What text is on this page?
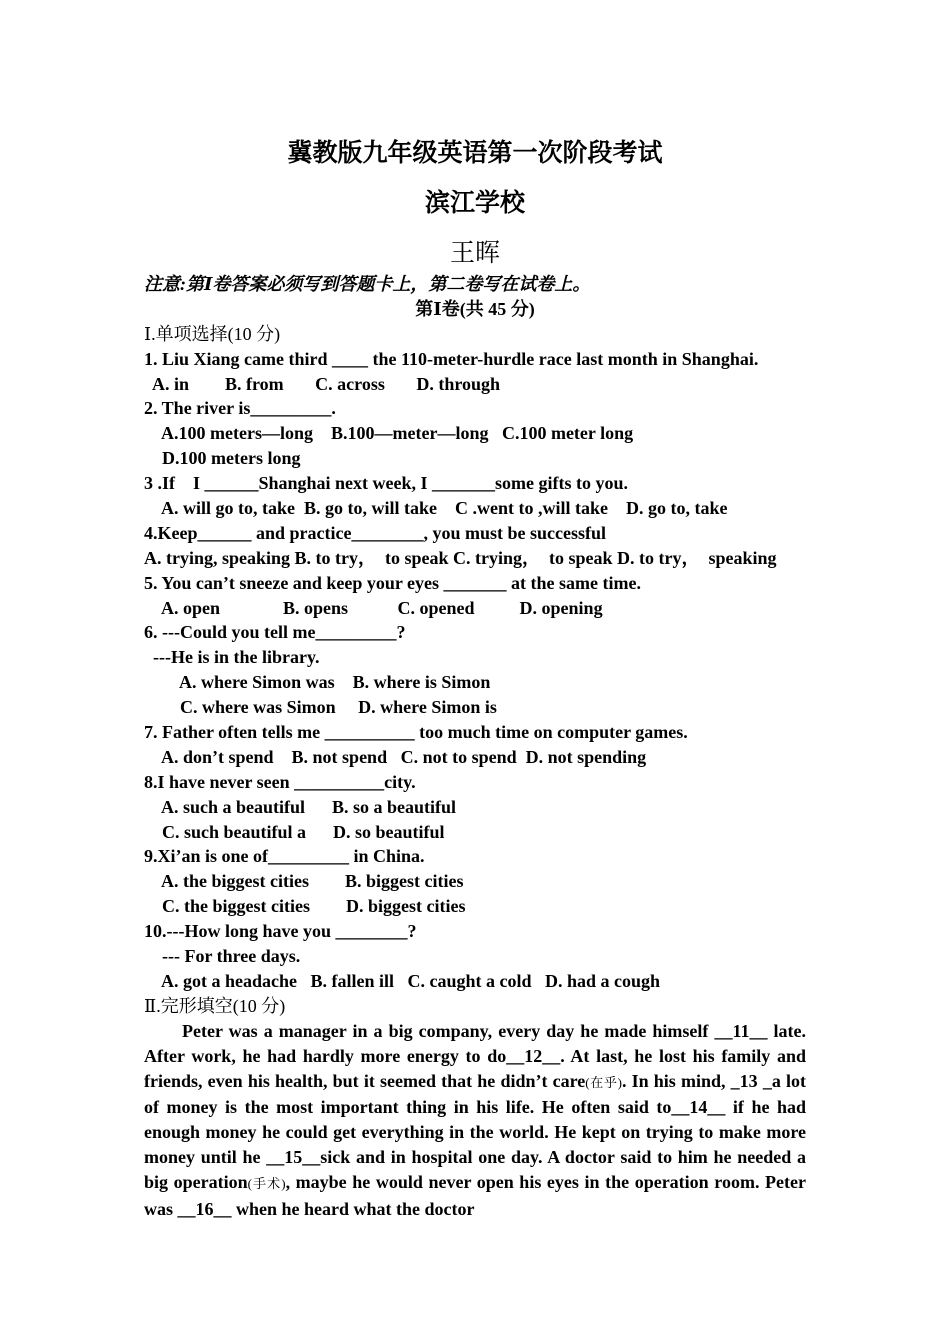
冀教版九年级英语第一次阶段考试
滨江学校
王晖
注意:第Ⅰ卷答案必须写到答题卡上，第二卷写在试卷上。
第Ⅰ卷(共 45 分)
Ⅰ.单项选择(10 分)
1. Liu Xiang came third ____ the 110-meter-hurdle race last month in Shanghai.
A. in        B. from       C. across       D. through
2. The river is_________.
A.100 meters—long    B.100—meter—long   C.100 meter long
D.100 meters long
3 .If    I ______Shanghai next week, I _______some gifts to you.
A. will go to, take  B. go to, will take    C .went to ,will take    D. go to, take
4.Keep______ and practice________, you must be successful
A. trying, speaking B. to try，  to speak C. trying，  to speak D. to try，  speaking
5. You can’t sneeze and keep your eyes _______ at the same time.
A. open              B. opens           C. opened          D. opening
6. ---Could you tell me_________?
---He is in the library.
A. where Simon was    B. where is Simon
C. where was Simon     D. where Simon is
7. Father often tells me __________ too much time on computer games.
A. don’t spend    B. not spend   C. not to spend  D. not spending
8.I have never seen __________city.
A. such a beautiful      B. so a beautiful
C. such beautiful a      D. so beautiful
9.Xi’an is one of_________ in China.
A. the biggest cities        B. biggest cities
C. the biggest cities        D. biggest cities
10.---How long have you ________?
--- For three days.
A. got a headache   B. fallen ill   C. caught a cold   D. had a cough
Ⅱ.完形填空(10 分)
Peter was a manager in a big company, every day he made himself __11__ late. After work, he had hardly more energy to do__12__. At last, he lost his family and friends, even his health, but it seemed that he didn’t care(在乎). In his mind, _13 _a lot of money is the most important thing in his life. He often said to__14__ if he had enough money he could get everything in the world. He kept on trying to make more money until he __15__sick and in hospital one day. A doctor said to him he needed a big operation(手术), maybe he would never open his eyes in the operation room. Peter was __16__ when he heard what the doctor
